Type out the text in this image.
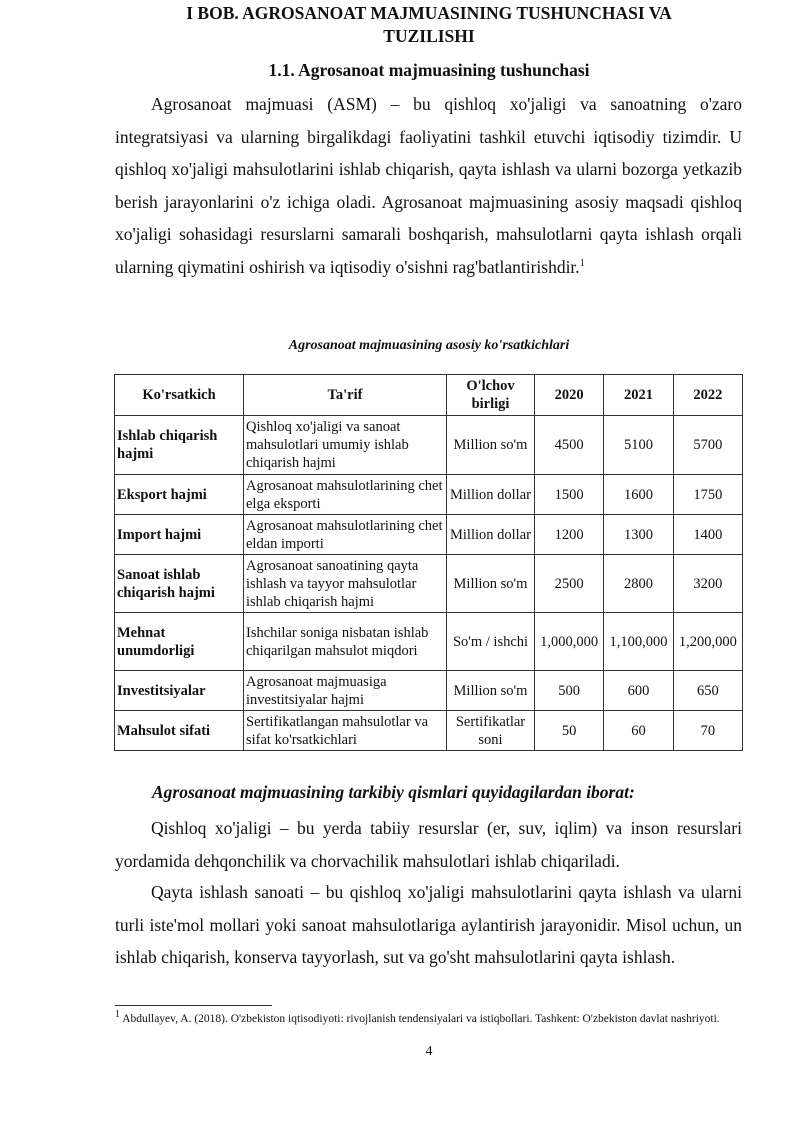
I BOB. AGROSANOAT MAJMUASINING TUSHUNCHASI VA
TUZILISHI
1.1. Agrosanoat majmuasining tushunchasi
Agrosanoat majmuasi (ASM) – bu qishloq xo'jaligi va sanoatning o'zaro integratsiyasi va ularning birgalikdagi faoliyatini tashkil etuvchi iqtisodiy tizimdir. U qishloq xo'jaligi mahsulotlarini ishlab chiqarish, qayta ishlash va ularni bozorga yetkazib berish jarayonlarini o'z ichiga oladi. Agrosanoat majmuasining asosiy maqsadi qishloq xo'jaligi sohasidagi resurslarni samarali boshqarish, mahsulotlarni qayta ishlash orqali ularning qiymatini oshirish va iqtisodiy o'sishni rag'batlantirishdir.$^1$
Agrosanoat majmuasining asosiy ko'rsatkichlari
Ko'rsatkich	Ta'rif	O'lchov birligi	2020	2021	2022
Ishlab chiqarish hajmi	Qishloq xo'jaligi va sanoat mahsulotlari umumiy ishlab chiqarish hajmi	Million so'm	4500	5100	5700
Eksport hajmi	Agrosanoat mahsulotlarining chet elga eksporti	Million dollar	1500	1600	1750
Import hajmi	Agrosanoat mahsulotlarining chet eldan importi	Million dollar	1200	1300	1400
Sanoat ishlab chiqarish hajmi	Agrosanoat sanoatining qayta ishlash va tayyor mahsulotlar ishlab chiqarish hajmi	Million so'm	2500	2800	3200
Mehnat unumdorligi	Ishchilar soniga nisbatan ishlab chiqarilgan mahsulot miqdori	So'm / ishchi	1,000,000	1,100,000	1,200,000
Investitsiyalar	Agrosanoat majmuasiga investitsiyalar hajmi	Million so'm	500	600	650
Mahsulot sifati	Sertifikatlangan mahsulotlar va sifat ko'rsatkichlari	Sertifikatlar soni	50	60	70
Agrosanoat majmuasining tarkibiy qismlari quyidagilardan iborat:
Qishloq xo'jaligi – bu yerda tabiiy resurslar (er, suv, iqlim) va inson resurslari yordamida dehqonchilik va chorvachilik mahsulotlari ishlab chiqariladi.
Qayta ishlash sanoati – bu qishloq xo'jaligi mahsulotlarini qayta ishlash va ularni turli iste'mol mollari yoki sanoat mahsulotlariga aylantirish jarayonidir. Misol uchun, un ishlab chiqarish, konserva tayyorlash, sut va go'sht mahsulotlarini qayta ishlash.
$^1$ Abdullayev, A. (2018). O'zbekiston iqtisodiyoti: rivojlanish tendensiyalari va istiqbollari. Tashkent: O'zbekiston davlat nashriyoti.
4
